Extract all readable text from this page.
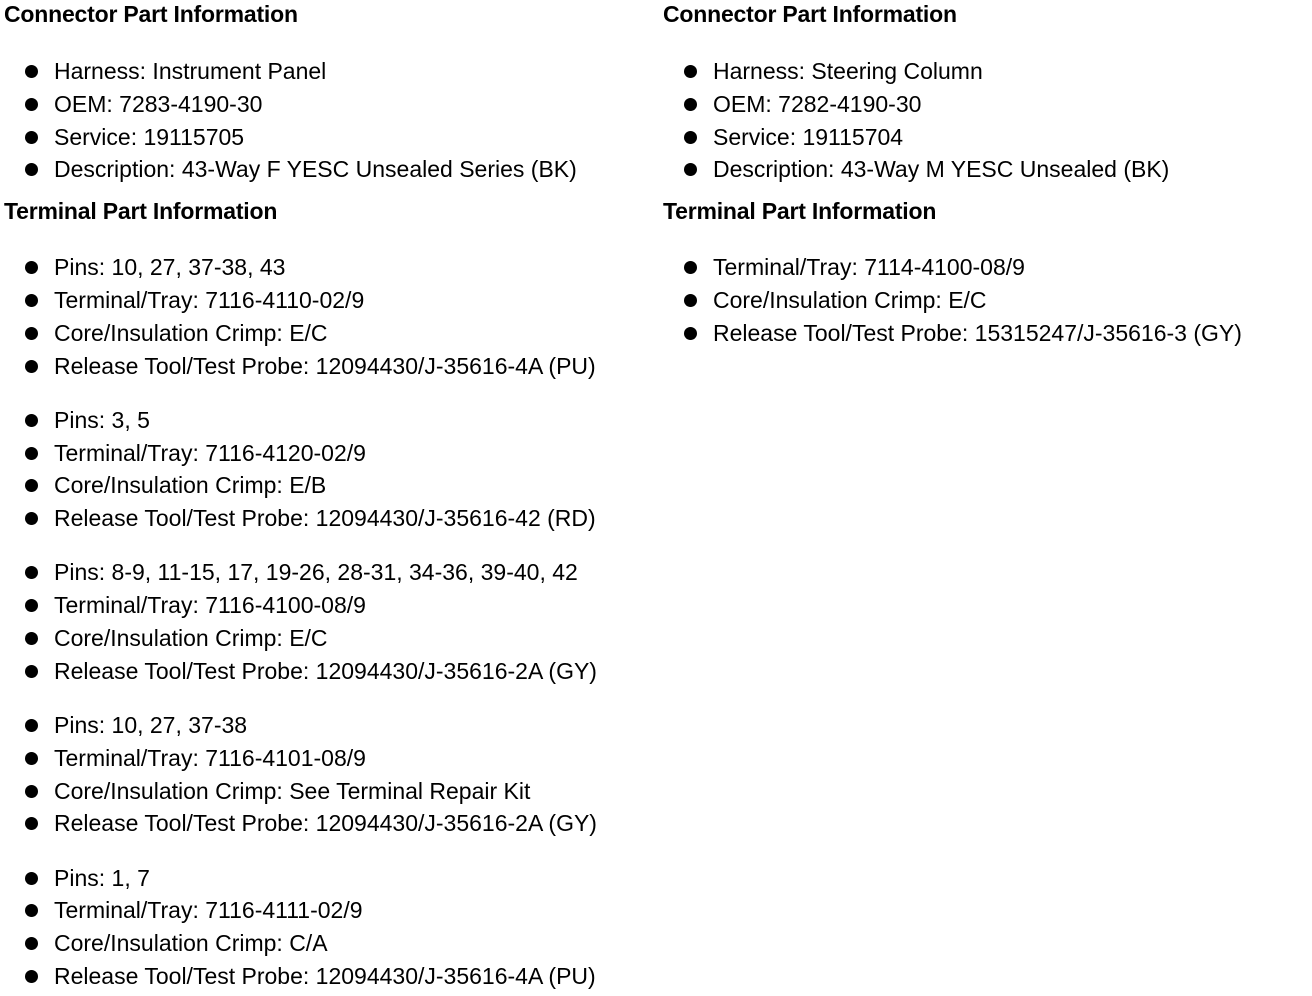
Connector Part Information
Harness: Instrument Panel
OEM: 7283-4190-30
Service: 19115705
Description: 43-Way F YESC Unsealed Series (BK)
Terminal Part Information
Pins: 10, 27, 37-38, 43
Terminal/Tray: 7116-4110-02/9
Core/Insulation Crimp: E/C
Release Tool/Test Probe: 12094430/J-35616-4A (PU)
Pins: 3, 5
Terminal/Tray: 7116-4120-02/9
Core/Insulation Crimp: E/B
Release Tool/Test Probe: 12094430/J-35616-42 (RD)
Pins: 8-9, 11-15, 17, 19-26, 28-31, 34-36, 39-40, 42
Terminal/Tray: 7116-4100-08/9
Core/Insulation Crimp: E/C
Release Tool/Test Probe: 12094430/J-35616-2A (GY)
Pins: 10, 27, 37-38
Terminal/Tray: 7116-4101-08/9
Core/Insulation Crimp: See Terminal Repair Kit
Release Tool/Test Probe: 12094430/J-35616-2A (GY)
Pins: 1, 7
Terminal/Tray: 7116-4111-02/9
Core/Insulation Crimp: C/A
Release Tool/Test Probe: 12094430/J-35616-4A (PU)
Connector Part Information
Harness: Steering Column
OEM: 7282-4190-30
Service: 19115704
Description: 43-Way M YESC Unsealed (BK)
Terminal Part Information
Terminal/Tray: 7114-4100-08/9
Core/Insulation Crimp: E/C
Release Tool/Test Probe: 15315247/J-35616-3 (GY)
